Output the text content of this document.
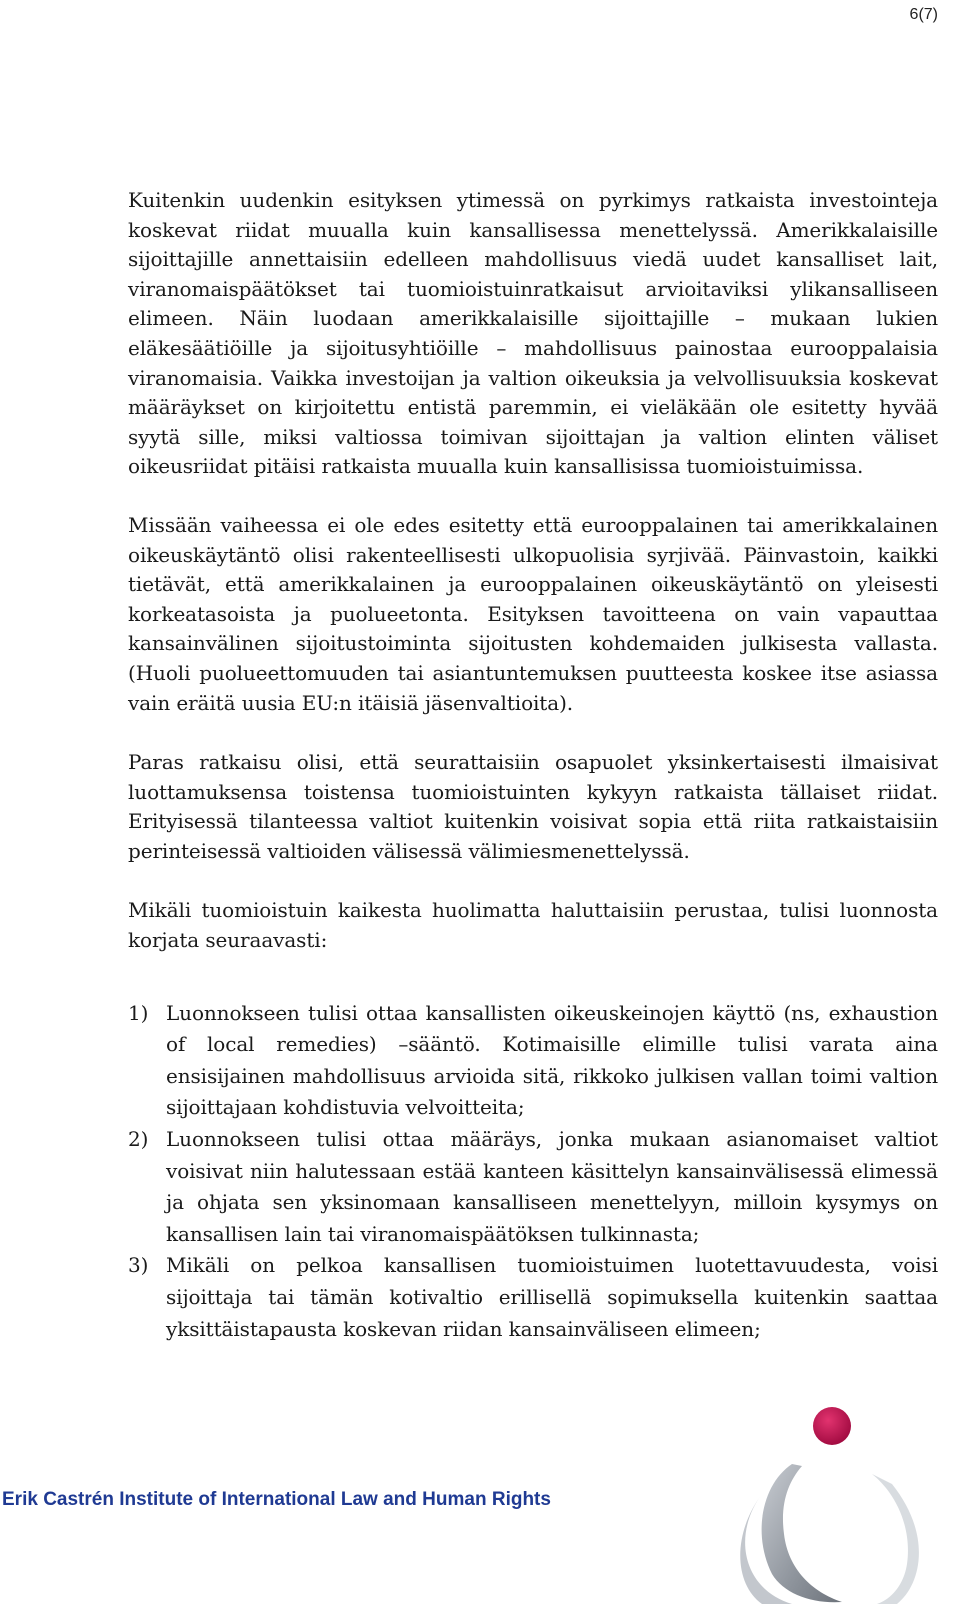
6(7)

Kuitenkin uudenkin esityksen ytimessä on pyrkimys ratkaista investointeja koskevat riidat muualla kuin kansallisessa menettelyssä. Amerikkalaisille sijoittajille annettaisiin edelleen mahdollisuus viedä uudet kansalliset lait, viranomaispäätökset tai tuomioistuinratkaisut arvioitaviksi ylikansalliseen elimeen. Näin luodaan amerikkalaisille sijoittajille – mukaan lukien eläkesäätiöille ja sijoitusyhtiöille – mahdollisuus painostaa eurooppalaisia viranomaisia. Vaikka investoijan ja valtion oikeuksia ja velvollisuuksia koskevat määräykset on kirjoitettu entistä paremmin, ei vieläkään ole esitetty hyvää syytä sille, miksi valtiossa toimivan sijoittajan ja valtion elinten väliset oikeusriidat pitäisi ratkaista muualla kuin kansallisissa tuomioistuimissa.

Missään vaiheessa ei ole edes esitetty että eurooppalainen tai amerikkalainen oikeuskäytäntö olisi rakenteellisesti ulkopuolisia syrjivää. Päinvastoin, kaikki tietävät, että amerikkalainen ja eurooppalainen oikeuskäytäntö on yleisesti korkeatasoista ja puolueetonta. Esityksen tavoitteena on vain vapauttaa kansainvälinen sijoitustoiminta sijoitusten kohdemaiden julkisesta vallasta. (Huoli puolueettomuuden tai asiantuntemuksen puutteesta koskee itse asiassa vain eräitä uusia EU:n itäisiä jäsenvaltioita).

Paras ratkaisu olisi, että seurattaisiin osapuolet yksinkertaisesti ilmaisivat luottamuksensa toistensa tuomioistuinten kykyyn ratkaista tällaiset riidat. Erityisessä tilanteessa valtiot kuitenkin voisivat sopia että riita ratkaistaisiin perinteisessä valtioiden välisessä välimiesmenettelyssä.

Mikäli tuomioistuin kaikesta huolimatta haluttaisiin perustaa, tulisi luonnosta korjata seuraavasti:

1) Luonnokseen tulisi ottaa kansallisten oikeuskeinojen käyttö (ns, exhaustion of local remedies) –sääntö. Kotimaisille elimille tulisi varata aina ensisijainen mahdollisuus arvioida sitä, rikkoko julkisen vallan toimi valtion sijoittajaan kohdistuvia velvoitteita;
2) Luonnokseen tulisi ottaa määräys, jonka mukaan asianomaiset valtiot voisivat niin halutessaan estää kanteen käsittelyn kansainvälisessä elimessä ja ohjata sen yksinomaan kansalliseen menettelyyn, milloin kysymys on kansallisen lain tai viranomaispäätöksen tulkinnasta;
3) Mikäli on pelkoa kansallisen tuomioistuimen luotettavuudesta, voisi sijoittaja tai tämän kotivaltio erillisellä sopimuksella kuitenkin saattaa yksittäistapausta koskevan riidan kansainväliseen elimeen;
Erik Castrén Institute of International Law and Human Rights
